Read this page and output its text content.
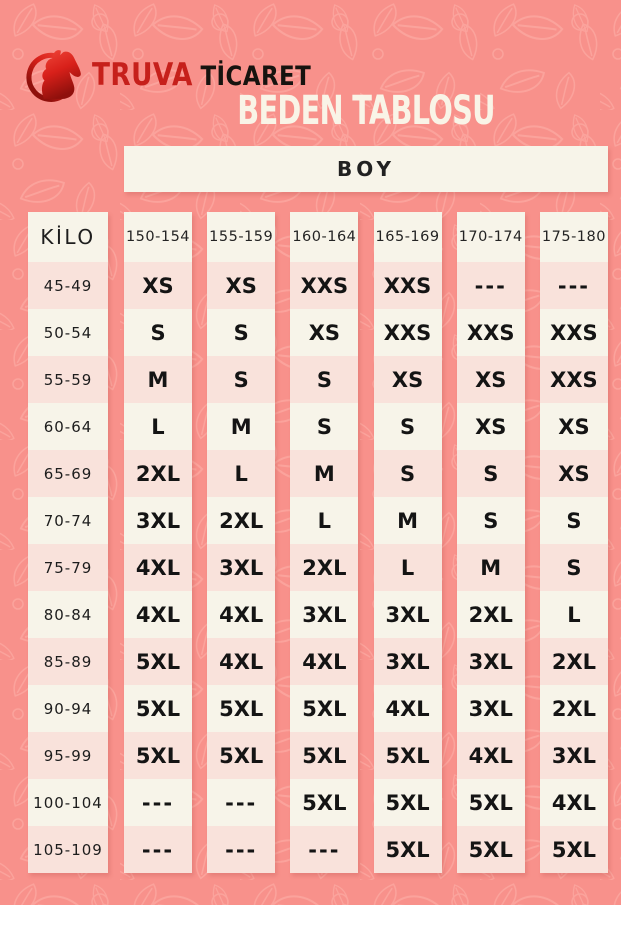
TRUVA TİCARET
BEDEN TABLOSU
BOY
KİLO
45-49
50-54
55-59
60-64
65-69
70-74
75-79
80-84
85-89
90-94
95-99
100-104
105-109
150-154
XS
S
M
L
2XL
3XL
4XL
4XL
5XL
5XL
5XL
---
---
155-159
XS
S
S
M
L
2XL
3XL
4XL
4XL
5XL
5XL
---
---
160-164
XXS
XS
S
S
M
L
2XL
3XL
4XL
5XL
5XL
5XL
---
165-169
XXS
XXS
XS
S
S
M
L
3XL
3XL
4XL
5XL
5XL
5XL
170-174
---
XXS
XS
XS
S
S
M
2XL
3XL
3XL
4XL
5XL
5XL
175-180
---
XXS
XXS
XS
XS
S
S
L
2XL
2XL
3XL
4XL
5XL
